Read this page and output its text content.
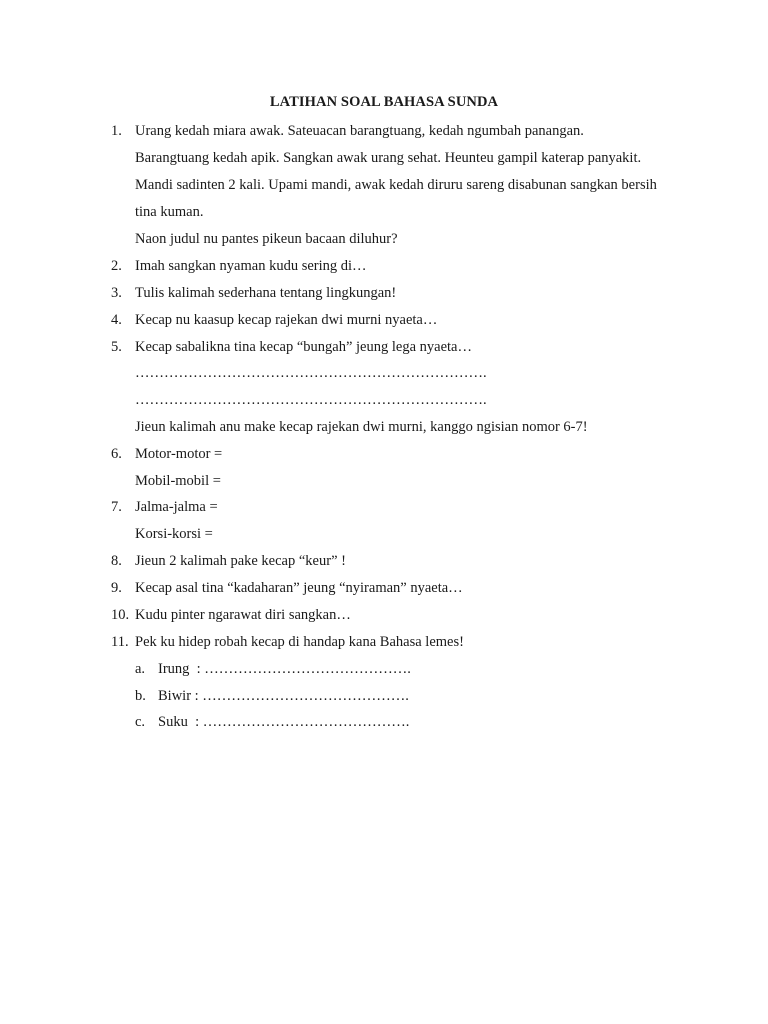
LATIHAN SOAL BAHASA SUNDA
1. Urang kedah miara awak. Sateuacan barangtuang, kedah ngumbah panangan.
Barangtuang kedah apik. Sangkan awak urang sehat. Heunteu gampil katerap panyakit.
Mandi sadinten 2 kali. Upami mandi, awak kedah diruru sareng disabunan sangkan bersih
tina kuman.
Naon judul nu pantes pikeun bacaan diluhur?
2. Imah sangkan nyaman kudu sering di…
3. Tulis kalimah sederhana tentang lingkungan!
4. Kecap nu kaasup kecap rajekan dwi murni nyaeta…
5. Kecap sabalikna tina kecap “bungah” jeung lega nyaeta…
……………………………………………………………….
……………………………………………………………….
Jieun kalimah anu make kecap rajekan dwi murni, kanggo ngisian nomor 6-7!
6. Motor-motor =
Mobil-mobil =
7. Jalma-jalma =
Korsi-korsi =
8. Jieun 2 kalimah pake kecap “keur” !
9. Kecap asal tina “kadaharan” jeung “nyiraman” nyaeta…
10. Kudu pinter ngarawat diri sangkan…
11. Pek ku hidep robah kecap di handap kana Bahasa lemes!
a. Irung  : …………………………………….
b. Biwir : …………………………………….
c. Suku  : …………………………………….
